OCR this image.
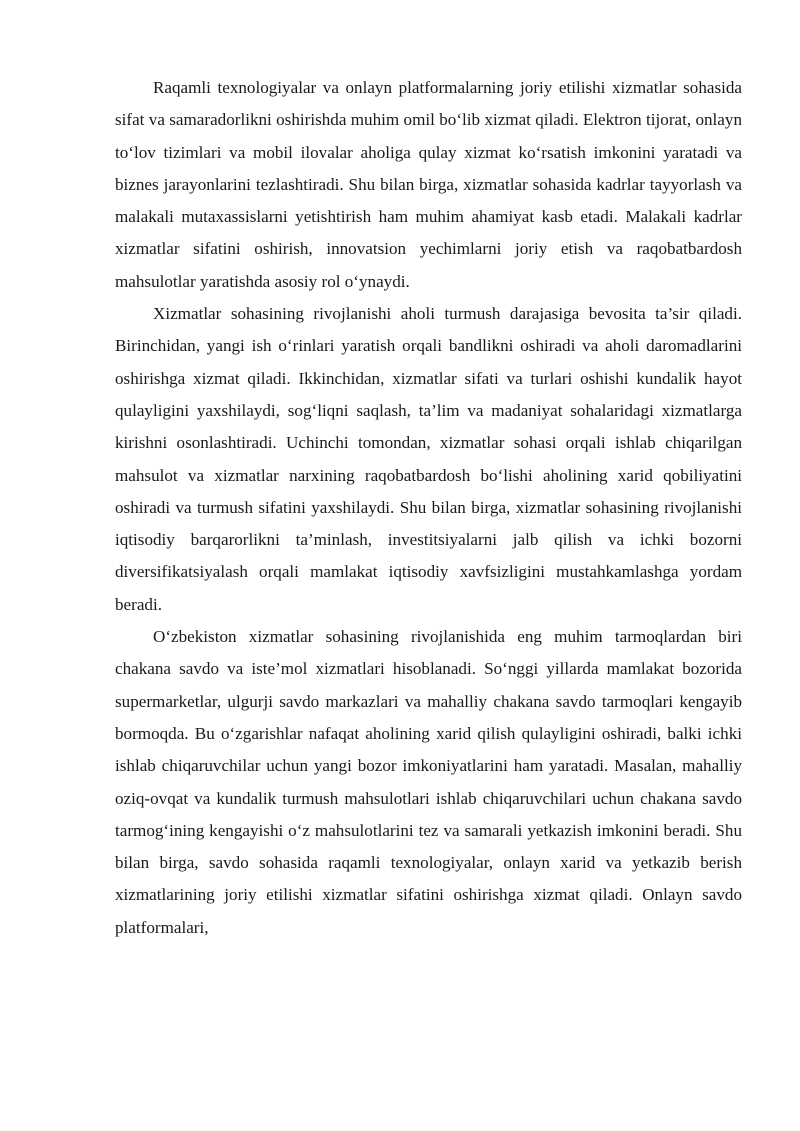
Raqamli texnologiyalar va onlayn platformalarning joriy etilishi xizmatlar sohasida sifat va samaradorlikni oshirishda muhim omil bo‘lib xizmat qiladi. Elektron tijorat, onlayn to‘lov tizimlari va mobil ilovalar aholiga qulay xizmat ko‘rsatish imkonini yaratadi va biznes jarayonlarini tezlashtiradi. Shu bilan birga, xizmatlar sohasida kadrlar tayyorlash va malakali mutaxassislarni yetishtirish ham muhim ahamiyat kasb etadi. Malakali kadrlar xizmatlar sifatini oshirish, innovatsion yechimlarni joriy etish va raqobatbardosh mahsulotlar yaratishda asosiy rol o‘ynaydi.

Xizmatlar sohasining rivojlanishi aholi turmush darajasiga bevosita ta’sir qiladi. Birinchidan, yangi ish o‘rinlari yaratish orqali bandlikni oshiradi va aholi daromadlarini oshirishga xizmat qiladi. Ikkinchidan, xizmatlar sifati va turlari oshishi kundalik hayot qulayligini yaxshilaydi, sog‘liqni saqlash, ta’lim va madaniyat sohalaridagi xizmatlarga kirishni osonlashtiradi. Uchinchi tomondan, xizmatlar sohasi orqali ishlab chiqarilgan mahsulot va xizmatlar narxining raqobatbardosh bo‘lishi aholining xarid qobiliyatini oshiradi va turmush sifatini yaxshilaydi. Shu bilan birga, xizmatlar sohasining rivojlanishi iqtisodiy barqarorlikni ta’minlash, investitsiyalarni jalb qilish va ichki bozorni diversifikatsiyalash orqali mamlakat iqtisodiy xavfsizligini mustahkamlashga yordam beradi.

O‘zbekiston xizmatlar sohasining rivojlanishida eng muhim tarmoqlardan biri chakana savdo va iste’mol xizmatlari hisoblanadi. So‘nggi yillarda mamlakat bozorida supermarketlar, ulgurji savdo markazlari va mahalliy chakana savdo tarmoqlari kengayib bormoqda. Bu o‘zgarishlar nafaqat aholining xarid qilish qulayligini oshiradi, balki ichki ishlab chiqaruvchilar uchun yangi bozor imkoniyatlarini ham yaratadi. Masalan, mahalliy oziq-ovqat va kundalik turmush mahsulotlari ishlab chiqaruvchilari uchun chakana savdo tarmog‘ining kengayishi o‘z mahsulotlarini tez va samarali yetkazish imkonini beradi. Shu bilan birga, savdo sohasida raqamli texnologiyalar, onlayn xarid va yetkazib berish xizmatlarining joriy etilishi xizmatlar sifatini oshirishga xizmat qiladi. Onlayn savdo platformalari,
